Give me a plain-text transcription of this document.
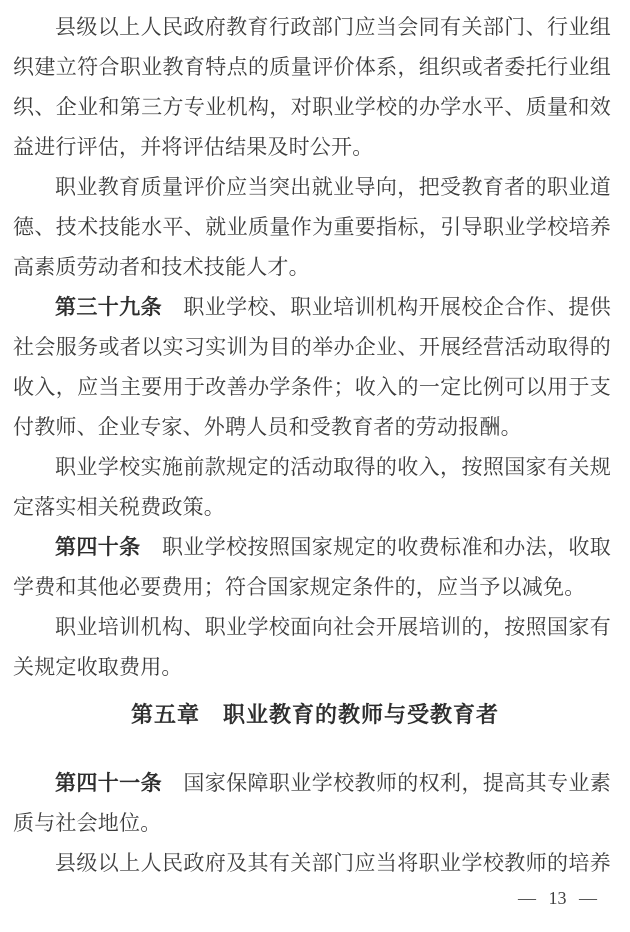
县级以上人民政府教育行政部门应当会同有关部门、行业组
织建立符合职业教育特点的质量评价体系，组织或者委托行业组
织、企业和第三方专业机构，对职业学校的办学水平、质量和效
益进行评估，并将评估结果及时公开。
职业教育质量评价应当突出就业导向，把受教育者的职业道
德、技术技能水平、就业质量作为重要指标，引导职业学校培养
高素质劳动者和技术技能人才。
第三十九条　职业学校、职业培训机构开展校企合作、提供
社会服务或者以实习实训为目的举办企业、开展经营活动取得的
收入，应当主要用于改善办学条件；收入的一定比例可以用于支
付教师、企业专家、外聘人员和受教育者的劳动报酬。
职业学校实施前款规定的活动取得的收入，按照国家有关规
定落实相关税费政策。
第四十条　职业学校按照国家规定的收费标准和办法，收取
学费和其他必要费用；符合国家规定条件的，应当予以减免。
职业培训机构、职业学校面向社会开展培训的，按照国家有
关规定收取费用。
第五章　职业教育的教师与受教育者
第四十一条　国家保障职业学校教师的权利，提高其专业素
质与社会地位。
县级以上人民政府及其有关部门应当将职业学校教师的培养
— 13 —
